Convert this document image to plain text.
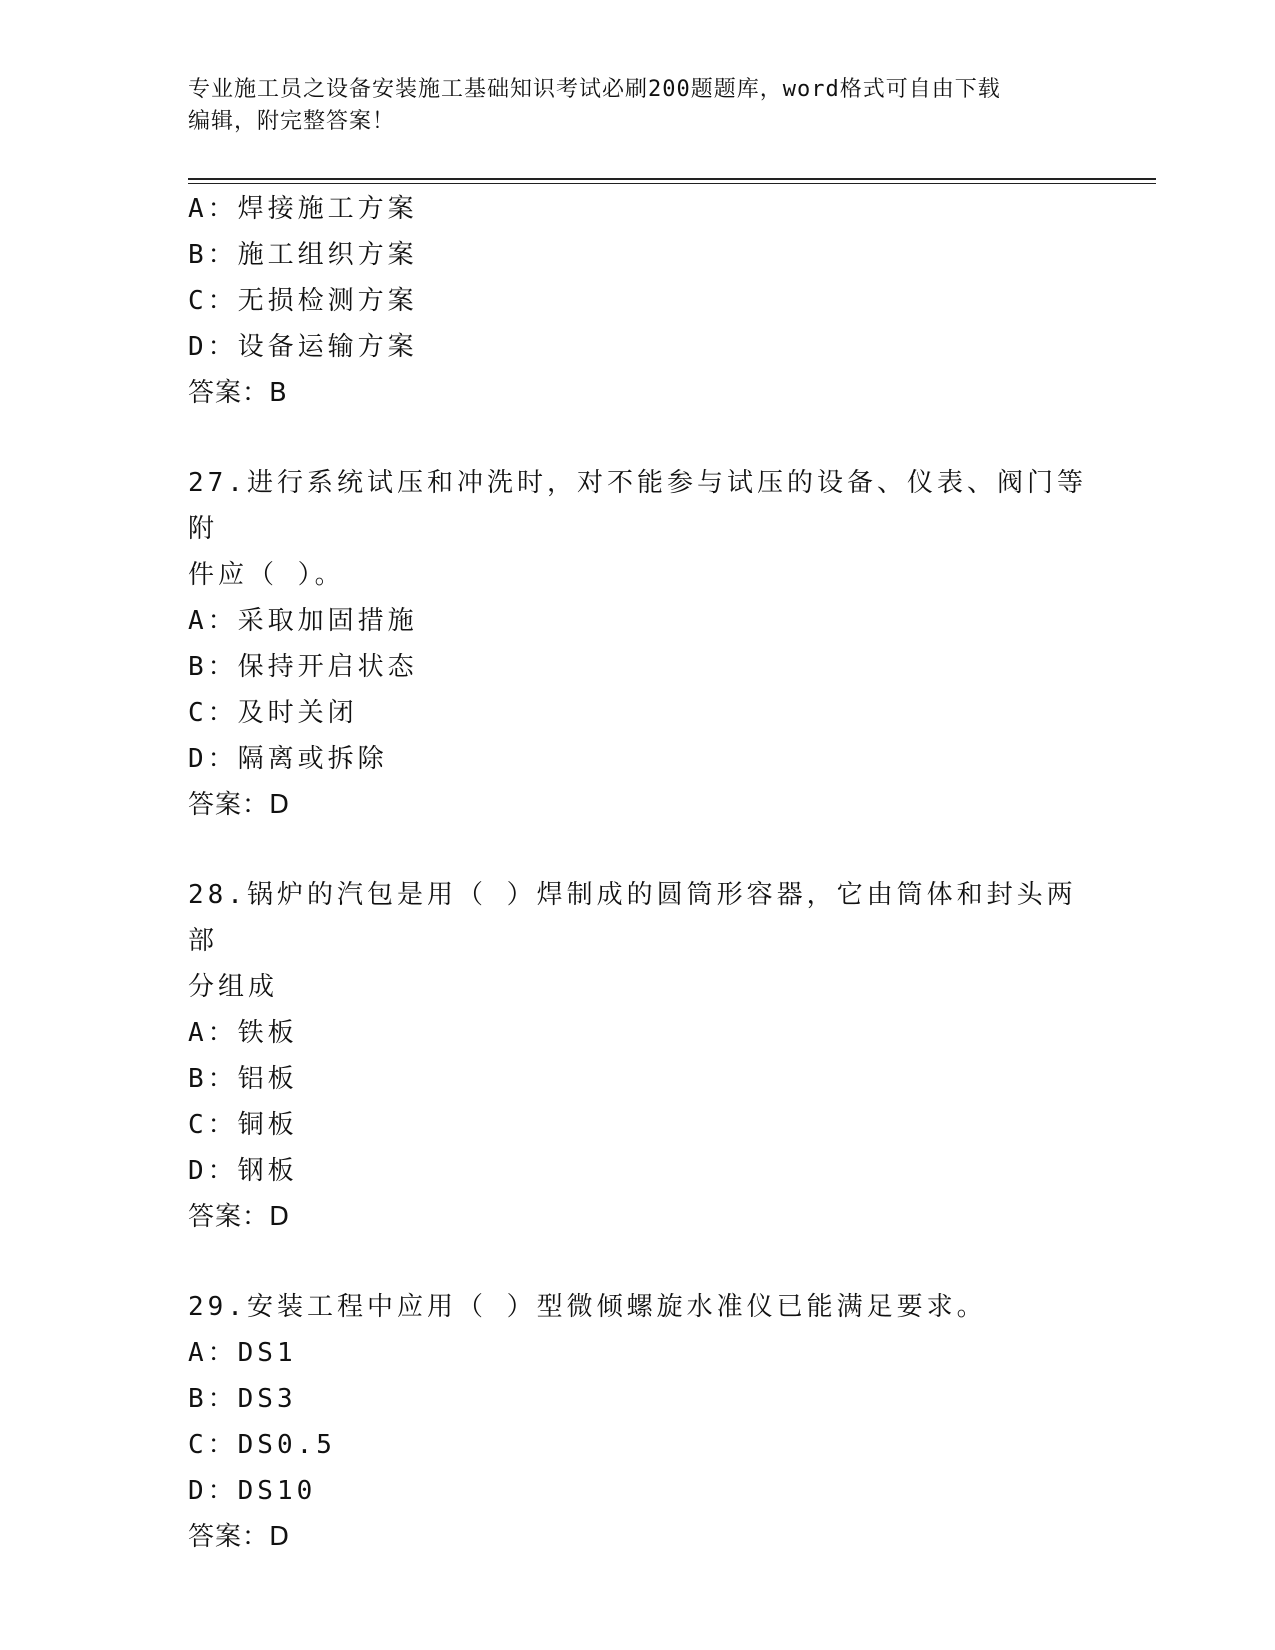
专业施工员之设备安装施工基础知识考试必刷200题题库，word格式可自由下载
编辑，附完整答案！
A：焊接施工方案
B：施工组织方案
C：无损检测方案
D：设备运输方案
答案：B
27.进行系统试压和冲洗时，对不能参与试压的设备、仪表、阀门等附
件应（ ）。
A：采取加固措施
B：保持开启状态
C：及时关闭
D：隔离或拆除
答案：D
28.锅炉的汽包是用（ ）焊制成的圆筒形容器，它由筒体和封头两部
分组成
A：铁板
B：铝板
C：铜板
D：钢板
答案：D
29.安装工程中应用（ ）型微倾螺旋水准仪已能满足要求。
A：DS1
B：DS3
C：DS0.5
D：DS10
答案：D
